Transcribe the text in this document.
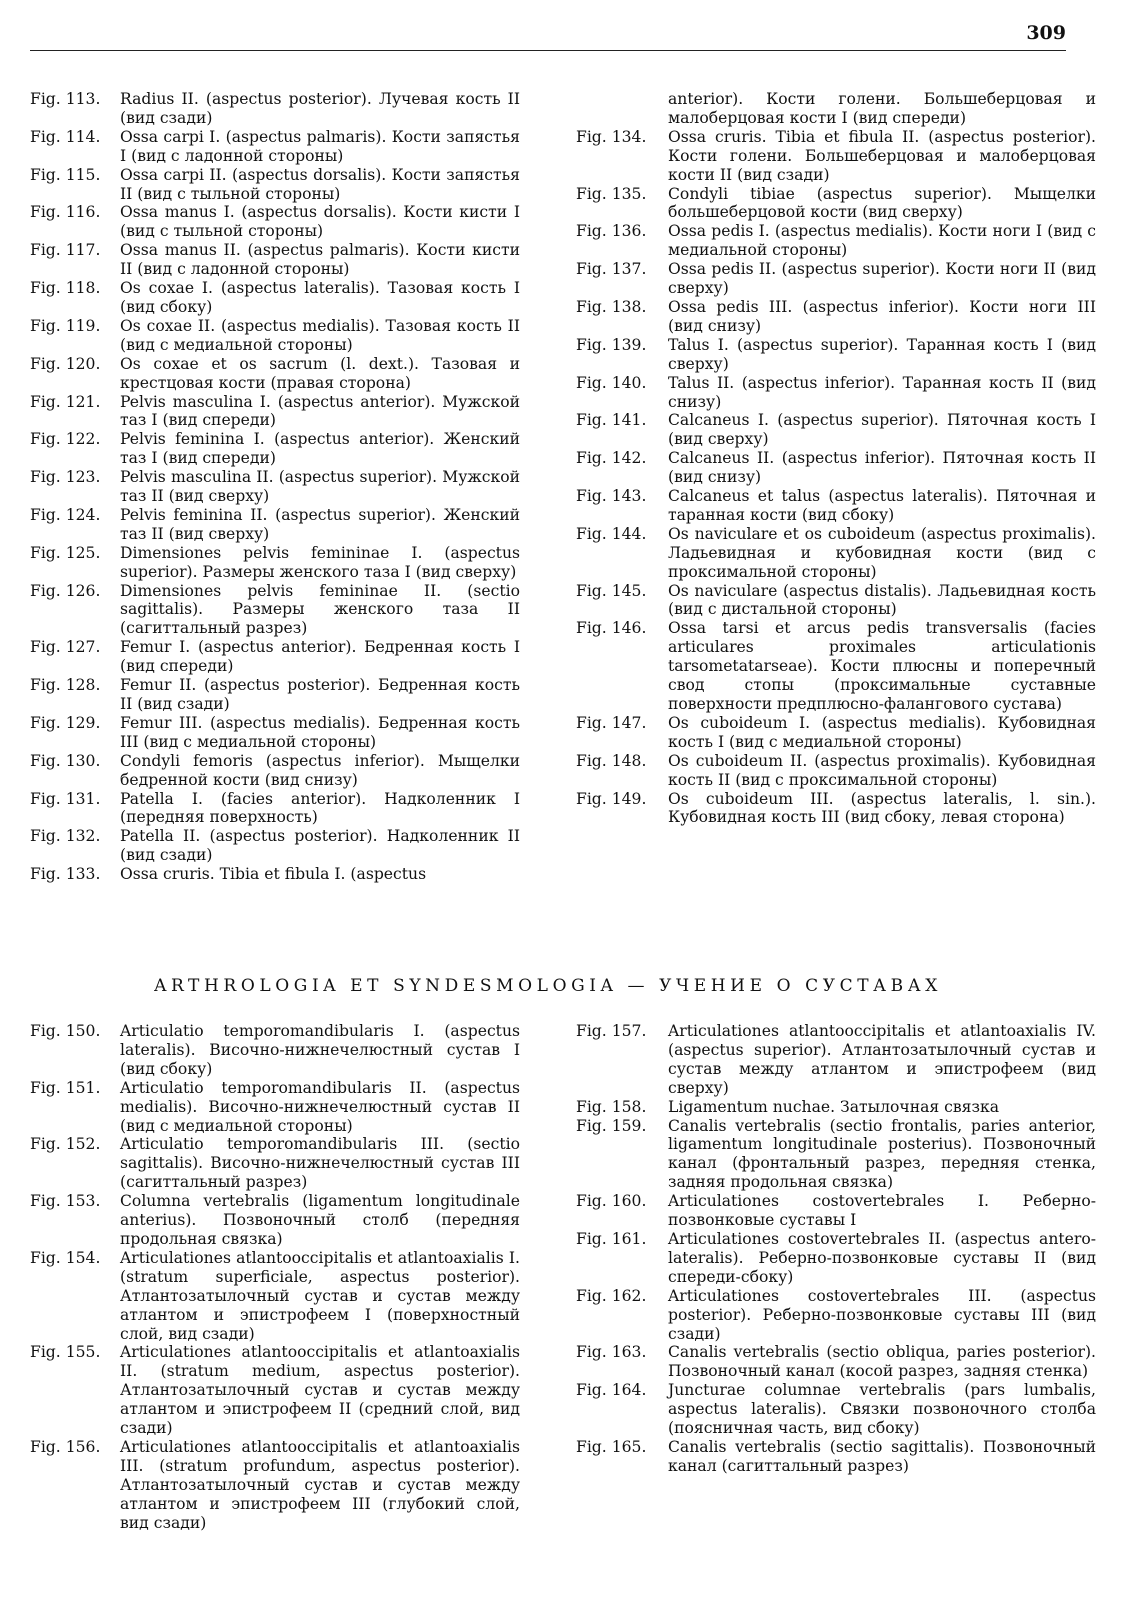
309
Fig. 113.	Radius II. (aspectus posterior). Лучевая кость II (вид сзади)

Fig. 114.	Ossa carpi I. (aspectus palmaris). Кости запястья I (вид с ладонной стороны)

Fig. 115.	Ossa carpi II. (aspectus dorsalis). Кости запястья II (вид с тыльной стороны)

Fig. 116.	Ossa manus I. (aspectus dorsalis). Кости кисти I (вид с тыльной стороны)

Fig. 117.	Ossa manus II. (aspectus palmaris). Кости кисти II (вид с ладонной стороны)

Fig. 118.	Os coxae I. (aspectus lateralis). Тазовая кость I (вид сбоку)

Fig. 119.	Os coxae II. (aspectus medialis). Тазовая кость II (вид с медиальной стороны)

Fig. 120.	Os coxae et os sacrum (l. dext.). Тазовая и крестцовая кости (правая сторона)

Fig. 121.	Pelvis masculina I. (aspectus anterior). Мужской таз I (вид спереди)

Fig. 122.	Pelvis feminina I. (aspectus anterior). Женский таз I (вид спереди)

Fig. 123.	Pelvis masculina II. (aspectus superior). Мужской таз II (вид сверху)

Fig. 124.	Pelvis feminina II. (aspectus superior). Женский таз II (вид сверху)

Fig. 125.	Dimensiones pelvis femininae I. (aspectus superior). Размеры женского таза I (вид сверху)

Fig. 126.	Dimensiones pelvis femininae II. (sectio sagittalis). Размеры женского таза II (сагиттальный разрез)

Fig. 127.	Femur I. (aspectus anterior). Бедренная кость I (вид спереди)

Fig. 128.	Femur II. (aspectus posterior). Бедренная кость II (вид сзади)

Fig. 129.	Femur III. (aspectus medialis). Бедренная кость III (вид с медиальной стороны)

Fig. 130.	Condyli femoris (aspectus inferior). Мыщелки бедренной кости (вид снизу)

Fig. 131.	Patella I. (facies anterior). Надколенник I (передняя поверхность)

Fig. 132.	Patella II. (aspectus posterior). Надколенник II (вид сзади)

Fig. 133.	Ossa cruris. Tibia et fibula I. (aspectus

anterior). Кости голени. Большеберцовая и малоберцовая кости I (вид спереди)

Fig. 134.	Ossa cruris. Tibia et fibula II. (aspectus posterior). Кости голени. Большеберцовая и малоберцовая кости II (вид сзади)

Fig. 135.	Condyli tibiae (aspectus superior). Мыщелки большеберцовой кости (вид сверху)

Fig. 136.	Ossa pedis I. (aspectus medialis). Кости ноги I (вид с медиальной стороны)

Fig. 137.	Ossa pedis II. (aspectus superior). Кости ноги II (вид сверху)

Fig. 138.	Ossa pedis III. (aspectus inferior). Кости ноги III (вид снизу)

Fig. 139.	Talus I. (aspectus superior). Таранная кость I (вид сверху)

Fig. 140.	Talus II. (aspectus inferior). Таранная кость II (вид снизу)

Fig. 141.	Calcaneus I. (aspectus superior). Пяточная кость I (вид сверху)

Fig. 142.	Calcaneus II. (aspectus inferior). Пяточная кость II (вид снизу)

Fig. 143.	Calcaneus et talus (aspectus lateralis). Пяточная и таранная кости (вид сбоку)

Fig. 144.	Os naviculare et os cuboideum (aspectus proximalis). Ладьевидная и кубовидная кости (вид с проксимальной стороны)

Fig. 145.	Os naviculare (aspectus distalis). Ладьевидная кость (вид с дистальной стороны)

Fig. 146.	Ossa tarsi et arcus pedis transversalis (facies articulares proximales articulationis tarsometatarseae). Кости плюсны и поперечный свод стопы (проксимальные суставные поверхности предплюсно-фалангового сустава)

Fig. 147.	Os cuboideum I. (aspectus medialis). Кубовидная кость I (вид с медиальной стороны)

Fig. 148.	Os cuboideum II. (aspectus proximalis). Кубовидная кость II (вид с проксимальной стороны)

Fig. 149.	Os cuboideum III. (aspectus lateralis, l. sin.). Кубовидная кость III (вид сбоку, левая сторона)

ARTHROLOGIA ET SYNDESMOLOGIA — УЧЕНИЕ О СУСТАВАХ
Fig. 150.	Articulatio temporomandibularis I. (aspectus lateralis). Височно-нижнечелюстный сустав I (вид сбоку)

Fig. 151.	Articulatio temporomandibularis II. (aspectus medialis). Височно-нижнечелюстный сустав II (вид с медиальной стороны)

Fig. 152.	Articulatio temporomandibularis III. (sectio sagittalis). Височно-нижнечелюстный сустав III (сагиттальный разрез)

Fig. 153.	Columna vertebralis (ligamentum longitudinale anterius). Позвоночный столб (передняя продольная связка)

Fig. 154.	Articulationes atlantooccipitalis et atlantoaxialis I. (stratum superficiale, aspectus posterior). Атлантозатылочный сустав и сустав между атлантом и эпистрофеем I (поверхностный слой, вид сзади)

Fig. 155.	Articulationes atlantooccipitalis et atlantoaxialis II. (stratum medium, aspectus posterior). Атлантозатылочный сустав и сустав между атлантом и эпистрофеем II (средний слой, вид сзади)

Fig. 156.	Articulationes atlantooccipitalis et atlantoaxialis III. (stratum profundum, aspectus posterior). Атлантозатылочный сустав и сустав между атлантом и эпистрофеем III (глубокий слой, вид сзади)

Fig. 157.	Articulationes atlantooccipitalis et atlantoaxialis IV. (aspectus superior). Атлантозатылочный сустав и сустав между атлантом и эпистрофеем (вид сверху)

Fig. 158.	Ligamentum nuchae. Затылочная связка

Fig. 159.	Canalis vertebralis (sectio frontalis, paries anterior, ligamentum longitudinale posterius). Позвоночный канал (фронтальный разрез, передняя стенка, задняя продольная связка)

Fig. 160.	Articulationes costovertebrales I. Реберно-позвонковые суставы I

Fig. 161.	Articulationes costovertebrales II. (aspectus antero-lateralis). Реберно-позвонковые суставы II (вид спереди-сбоку)

Fig. 162.	Articulationes costovertebrales III. (aspectus posterior). Реберно-позвонковые суставы III (вид сзади)

Fig. 163.	Canalis vertebralis (sectio obliqua, paries posterior). Позвоночный канал (косой разрез, задняя стенка)

Fig. 164.	Juncturae columnae vertebralis (pars lumbalis, aspectus lateralis). Связки позвоночного столба (поясничная часть, вид сбоку)

Fig. 165.	Canalis vertebralis (sectio sagittalis). Позвоночный канал (сагиттальный разрез)
